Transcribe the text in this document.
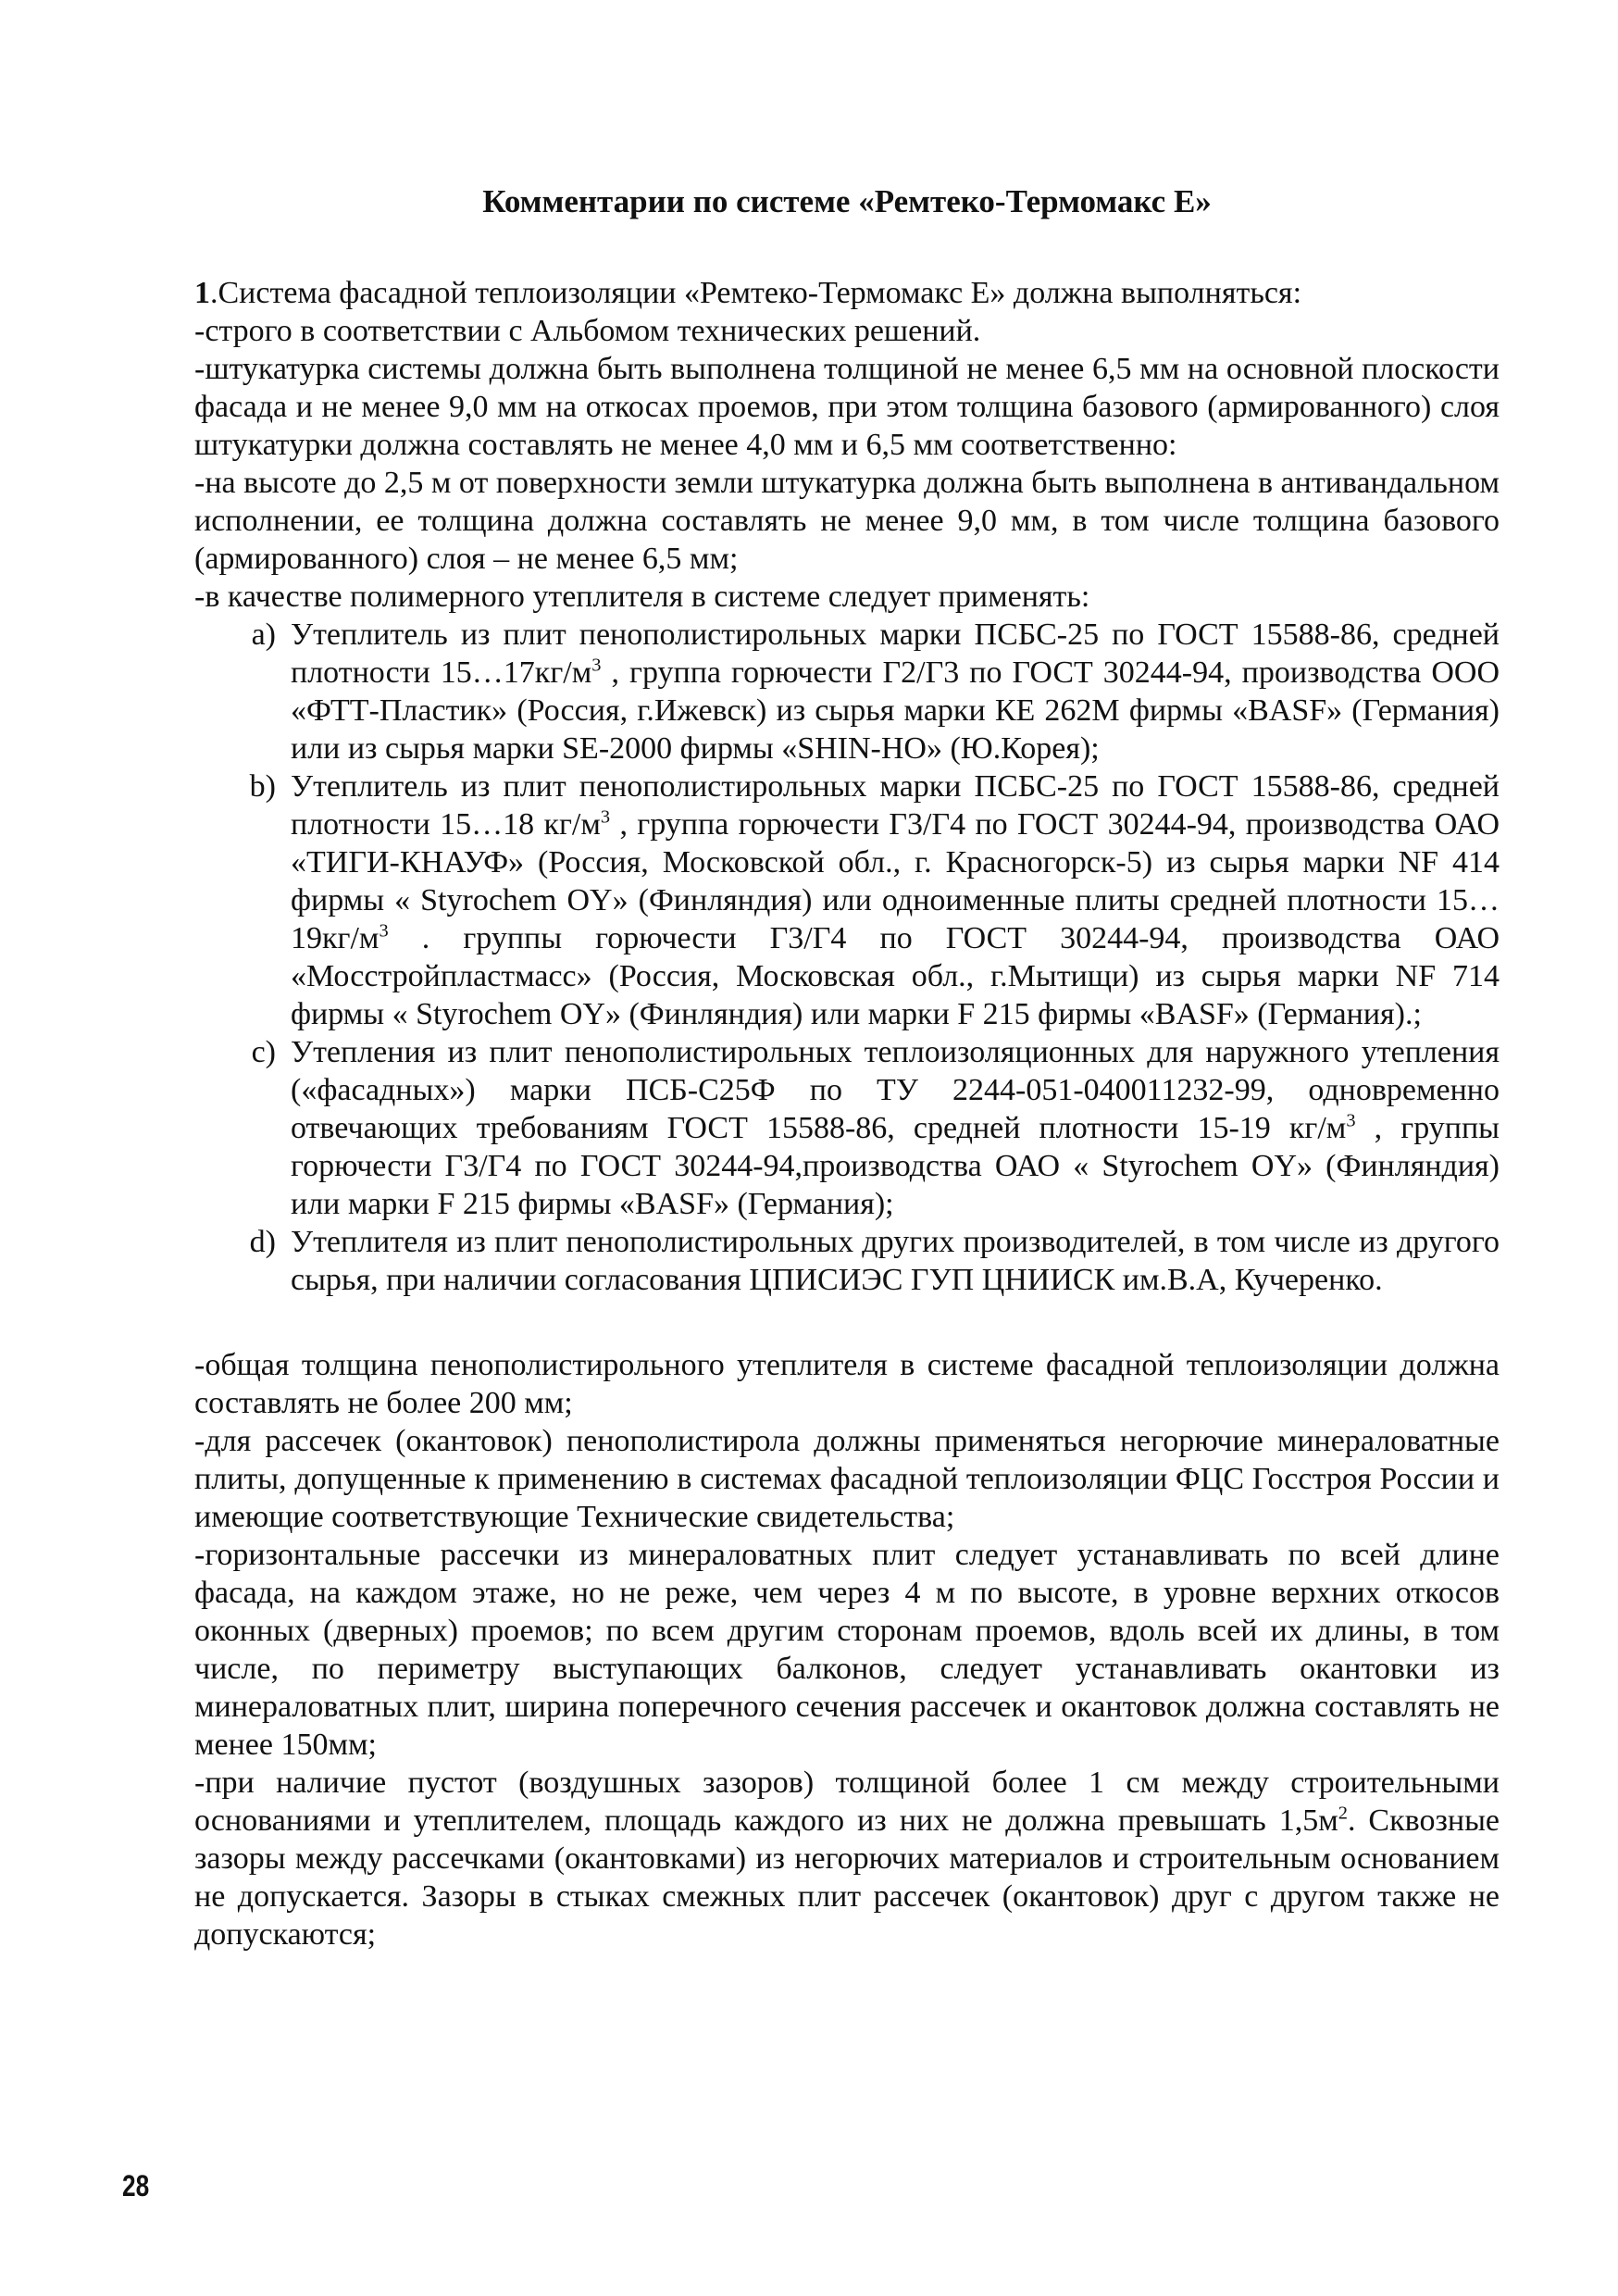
Комментарии по системе «Ремтеко-Термомакс Е»

1.Система фасадной теплоизоляции «Ремтеко-Термомакс Е» должна выполняться:

-строго в соответствии с Альбомом технических решений.

-штукатурка системы должна быть выполнена толщиной не менее 6,5 мм на основной плоскости фасада и не менее 9,0 мм на откосах проемов, при этом толщина базового (армированного) слоя штукатурки должна составлять не менее 4,0 мм и 6,5 мм соответственно:

-на высоте до 2,5 м от поверхности земли штукатурка должна быть выполнена в антивандальном исполнении, ее толщина должна составлять не менее 9,0 мм, в том числе толщина базового (армированного) слоя – не менее 6,5 мм;

-в качестве полимерного утеплителя в системе следует применять:

a) Утеплитель из плит пенополистирольных марки ПСБС-25 по ГОСТ 15588-86, средней плотности $15\dots 17кг/м^3$ , группа горючести Г2/Г3 по ГОСТ 30244-94, производства ООО «ФТТ-Пластик» (Россия, г.Ижевск) из сырья марки КЕ 262М фирмы «BASF» (Германия) или из сырья марки SE-2000 фирмы «SHIN-HO» (Ю.Корея);
b) Утеплитель из плит пенополистирольных марки ПСБС-25 по ГОСТ 15588-86, средней плотности 15…18 $кг/м^3$ , группа горючести Г3/Г4 по ГОСТ 30244-94, производства ОАО «ТИГИ-КНАУФ» (Россия, Московской обл., г. Красногорск-5) из сырья марки NF 414 фирмы « Styrochem OY» (Финляндия) или одноименные плиты средней плотности $15\dots 19кг/м^3$ . группы горючести Г3/Г4 по ГОСТ 30244-94, производства ОАО «Мосстройпластмасс» (Россия, Московская обл., г.Мытищи) из сырья марки NF 714 фирмы « Styrochem OY» (Финляндия) или марки F 215 фирмы «BASF» (Германия).;
c) Утепления из плит пенополистирольных теплоизоляционных для наружного утепления («фасадных») марки ПСБ-С25Ф по ТУ 2244-051-040011232-99, одновременно отвечающих требованиям ГОСТ 15588-86, средней плотности 15-19 $кг/м^3$ , группы горючести Г3/Г4 по ГОСТ 30244-94,производства ОАО « Styrochem OY» (Финляндия) или марки F 215 фирмы «BASF» (Германия);
d) Утеплителя из плит пенополистирольных других производителей, в том числе из другого сырья, при наличии согласования ЦПИСИЭС ГУП ЦНИИСК им.В.А, Кучеренко.

-общая толщина пенополистирольного утеплителя в системе фасадной теплоизоляции должна составлять не более 200 мм;

-для рассечек (окантовок) пенополистирола должны применяться негорючие минераловатные плиты, допущенные к применению в системах фасадной теплоизоляции ФЦС Госстроя России и имеющие соответствующие Технические свидетельства;

-горизонтальные рассечки из минераловатных плит следует устанавливать по всей длине фасада, на каждом этаже, но не реже, чем через 4 м по высоте, в уровне верхних откосов оконных (дверных) проемов; по всем другим сторонам проемов, вдоль всей их длины, в том числе, по периметру выступающих балконов, следует устанавливать окантовки из минераловатных плит, ширина поперечного сечения рассечек и окантовок должна составлять не менее 150мм;

-при наличие пустот (воздушных зазоров) толщиной более 1 см между строительными основаниями и утеплителем, площадь каждого из них не должна превышать $1,5м^2$. Сквозные зазоры между рассечками (окантовками) из негорючих материалов и строительным основанием не допускается. Зазоры в стыках смежных плит рассечек (окантовок) друг с другом также не допускаются;

28
